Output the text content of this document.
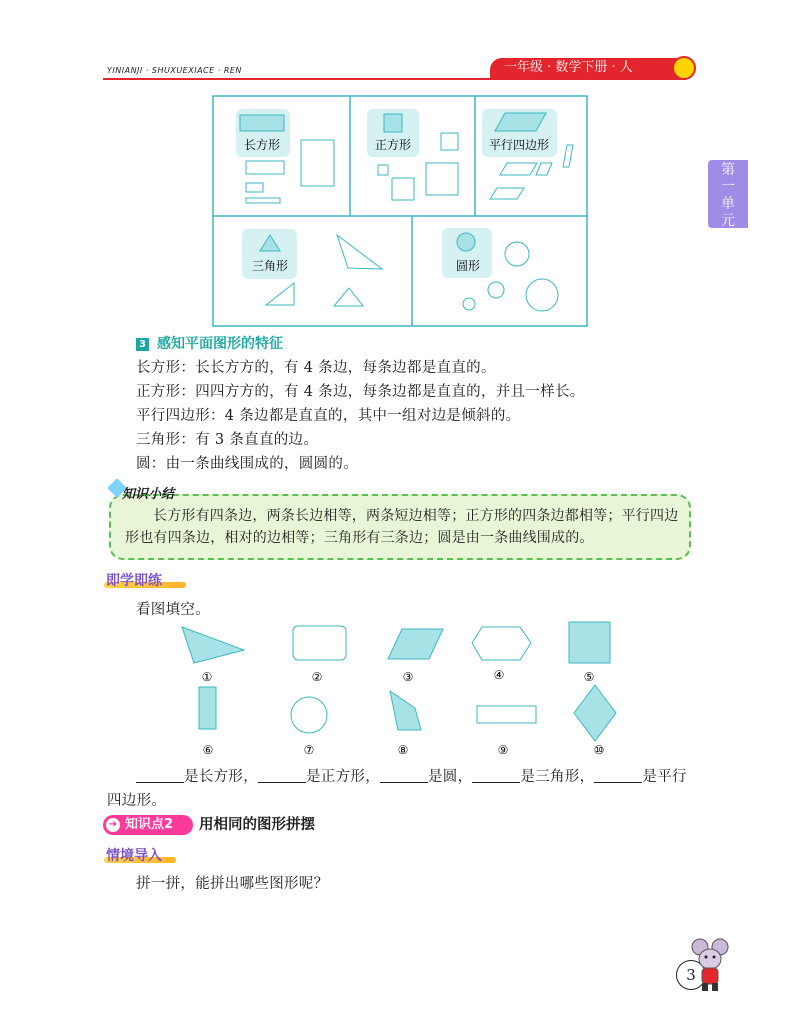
YINIANJI · SHUXUEXIACE · REN	一年级 · 数学下册 · 人
第
一
单
元
长方形	正方形	平行四边形
三角形	圆形
3 感知平面图形的特征
长方形：长长方方的，有 4 条边，每条边都是直直的。
正方形：四四方方的，有 4 条边，每条边都是直直的，并且一样长。
平行四边形：4 条边都是直直的，其中一组对边是倾斜的。
三角形：有 3 条直直的边。
圆：由一条曲线围成的，圆圆的。
知识小结
长方形有四条边，两条长边相等，两条短边相等；正方形的四条边都相等；平行四边形也有四条边，相对的边相等；三角形有三条边；圆是由一条曲线围成的。
即学即练
看图填空。
①	②	③	④	⑤
⑥	⑦	⑧	⑨	⑩
是长方形，	是正方形，	是圆，	是三角形，	是平行
四边形。
知识点2
➔	用相同的图形拼摆
情境导入
拼一拼，能拼出哪些图形呢？
3
